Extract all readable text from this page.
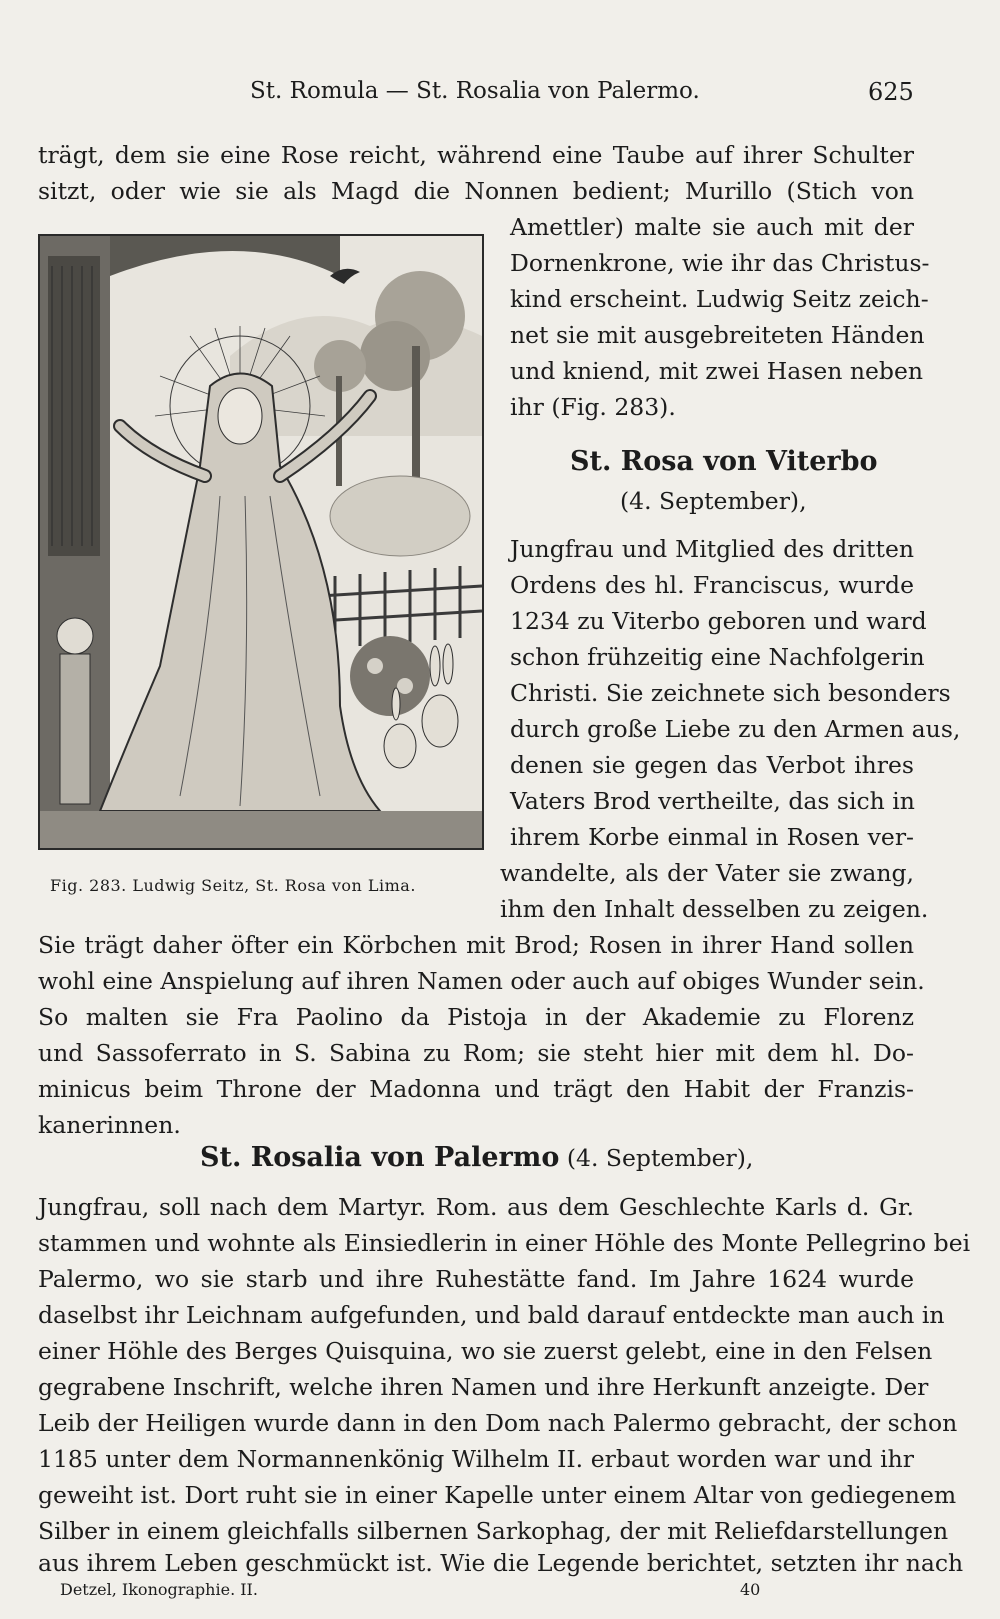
St. Romula — St. Rosalia von Palermo.	625
trägt, dem sie eine Rose reicht, während eine Taube auf ihrer Schulter
sitzt, oder wie sie als Magd die Nonnen bedient; Murillo (Stich von
Amettler) malte sie auch mit der
Dornenkrone, wie ihr das Christus-
kind erscheint. Ludwig Seitz zeich-
net sie mit ausgebreiteten Händen
und kniend, mit zwei Hasen neben
ihr (Fig. 283).
St. Rosa von Viterbo
(4. September),
Jungfrau und Mitglied des dritten
Ordens des hl. Franciscus, wurde
1234 zu Viterbo geboren und ward
schon frühzeitig eine Nachfolgerin
Christi. Sie zeichnete sich besonders
durch große Liebe zu den Armen aus,
denen sie gegen das Verbot ihres
Vaters Brod vertheilte, das sich in
ihrem Korbe einmal in Rosen ver-
wandelte, als der Vater sie zwang,
ihm den Inhalt desselben zu zeigen.
Fig. 283. Ludwig Seitz, St. Rosa von Lima.
Sie trägt daher öfter ein Körbchen mit Brod; Rosen in ihrer Hand sollen
wohl eine Anspielung auf ihren Namen oder auch auf obiges Wunder sein.
So malten sie Fra Paolino da Pistoja in der Akademie zu Florenz
und Sassoferrato in S. Sabina zu Rom; sie steht hier mit dem hl. Do-
minicus beim Throne der Madonna und trägt den Habit der Franzis-
kanerinnen.
St. Rosalia von Palermo (4. September),
Jungfrau, soll nach dem Martyr. Rom. aus dem Geschlechte Karls d. Gr.
stammen und wohnte als Einsiedlerin in einer Höhle des Monte Pellegrino bei
Palermo, wo sie starb und ihre Ruhestätte fand. Im Jahre 1624 wurde
daselbst ihr Leichnam aufgefunden, und bald darauf entdeckte man auch in
einer Höhle des Berges Quisquina, wo sie zuerst gelebt, eine in den Felsen
gegrabene Inschrift, welche ihren Namen und ihre Herkunft anzeigte. Der
Leib der Heiligen wurde dann in den Dom nach Palermo gebracht, der schon
1185 unter dem Normannenkönig Wilhelm II. erbaut worden war und ihr
geweiht ist. Dort ruht sie in einer Kapelle unter einem Altar von gediegenem
Silber in einem gleichfalls silbernen Sarkophag, der mit Reliefdarstellungen
aus ihrem Leben geschmückt ist. Wie die Legende berichtet, setzten ihr nach
Detzel, Ikonographie. II.	40
